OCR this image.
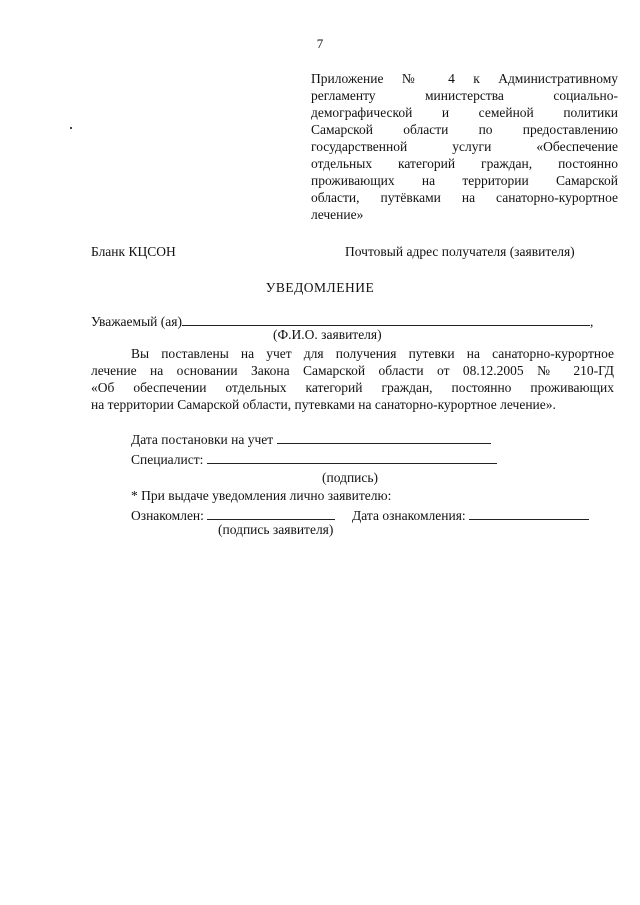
7
Приложение № 4 к Административному
регламенту министерства социально-
демографической и семейной политики
Самарской области по предоставлению
государственной услуги «Обеспечение
отдельных категорий граждан, постоянно
проживающих на территории Самарской
области, путёвками на санаторно-курортное
лечение»
Бланк КЦСОН	Почтовый адрес получателя (заявителя)
УВЕДОМЛЕНИЕ
Уважаемый (ая)	,
(Ф.И.О. заявителя)
Вы поставлены на учет для получения путевки на санаторно-курортное
лечение на основании Закона Самарской области от 08.12.2005 № 210-ГД
«Об обеспечении отдельных категорий граждан, постоянно проживающих
на территории Самарской области, путевками на санаторно-курортное лечение».
Дата постановки на учет
Специалист:
(подпись)
* При выдаче уведомления лично заявителю:
Ознакомлен:	Дата ознакомления:
(подпись заявителя)
